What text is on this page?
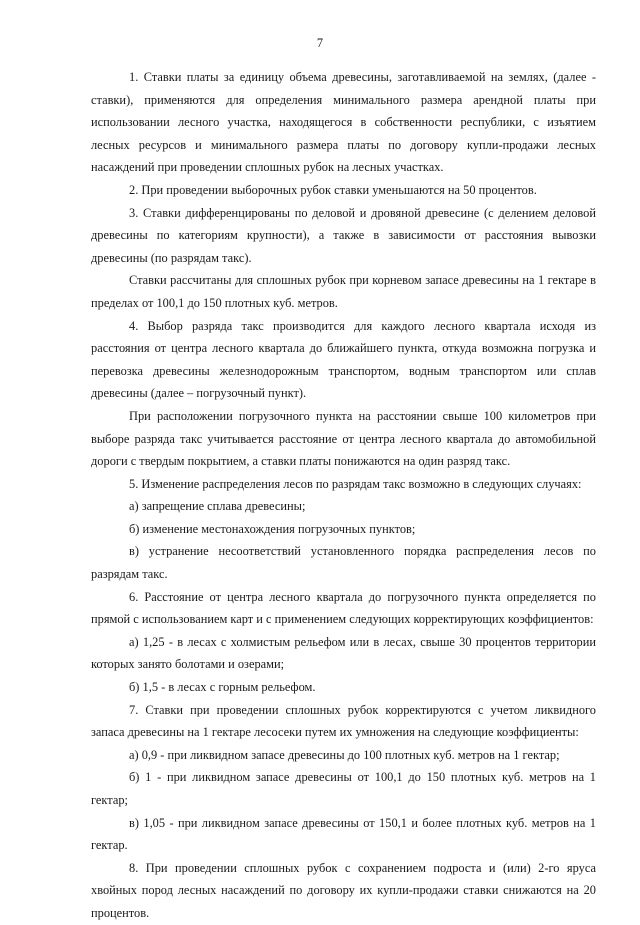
7

1. Ставки платы за единицу объема древесины, заготавливаемой на землях, (далее - ставки), применяются для определения минимального размера арендной платы при использовании лесного участка, находящегося в собственности республики, с изъятием лесных ресурсов и минимального размера платы по договору купли-продажи лесных насаждений при проведении сплошных рубок на лесных участках.

2. При проведении выборочных рубок ставки уменьшаются на 50 процентов.

3. Ставки дифференцированы по деловой и дровяной древесине (с делением деловой древесины по категориям крупности), а также в зависимости от расстояния вывозки древесины (по разрядам такс).

Ставки рассчитаны для сплошных рубок при корневом запасе древесины на 1 гектаре в пределах от 100,1 до 150 плотных куб. метров.

4. Выбор разряда такс производится для каждого лесного квартала исходя из расстояния от центра лесного квартала до ближайшего пункта, откуда возможна погрузка и перевозка древесины железнодорожным транспортом, водным транспортом или сплав древесины (далее – погрузочный пункт).

При расположении погрузочного пункта на расстоянии свыше 100 километров при выборе разряда такс учитывается расстояние от центра лесного квартала до автомобильной дороги с твердым покрытием, а ставки платы понижаются на один разряд такс.

5. Изменение распределения лесов по разрядам такс возможно в следующих случаях:

а) запрещение сплава древесины;

б) изменение местонахождения погрузочных пунктов;

в) устранение несоответствий установленного порядка распределения лесов по разрядам такс.

6. Расстояние от центра лесного квартала до погрузочного пункта определяется по прямой с использованием карт и с применением следующих корректирующих коэффициентов:

а) 1,25 - в лесах с холмистым рельефом или в лесах, свыше 30 процентов территории которых занято болотами и озерами;

б) 1,5 - в лесах с горным рельефом.

7. Ставки при проведении сплошных рубок корректируются с учетом ликвидного запаса древесины на 1 гектаре лесосеки путем их умножения на следующие коэффициенты:

а) 0,9 - при ликвидном запасе древесины до 100 плотных куб. метров на 1 гектар;

б) 1 - при ликвидном запасе древесины от 100,1 до 150 плотных куб. метров на 1 гектар;

в) 1,05 - при ликвидном запасе древесины от 150,1 и более плотных куб. метров на 1 гектар.

8. При проведении сплошных рубок с сохранением подроста и (или) 2-го яруса хвойных пород лесных насаждений по договору их купли-продажи ставки снижаются на 20 процентов.
